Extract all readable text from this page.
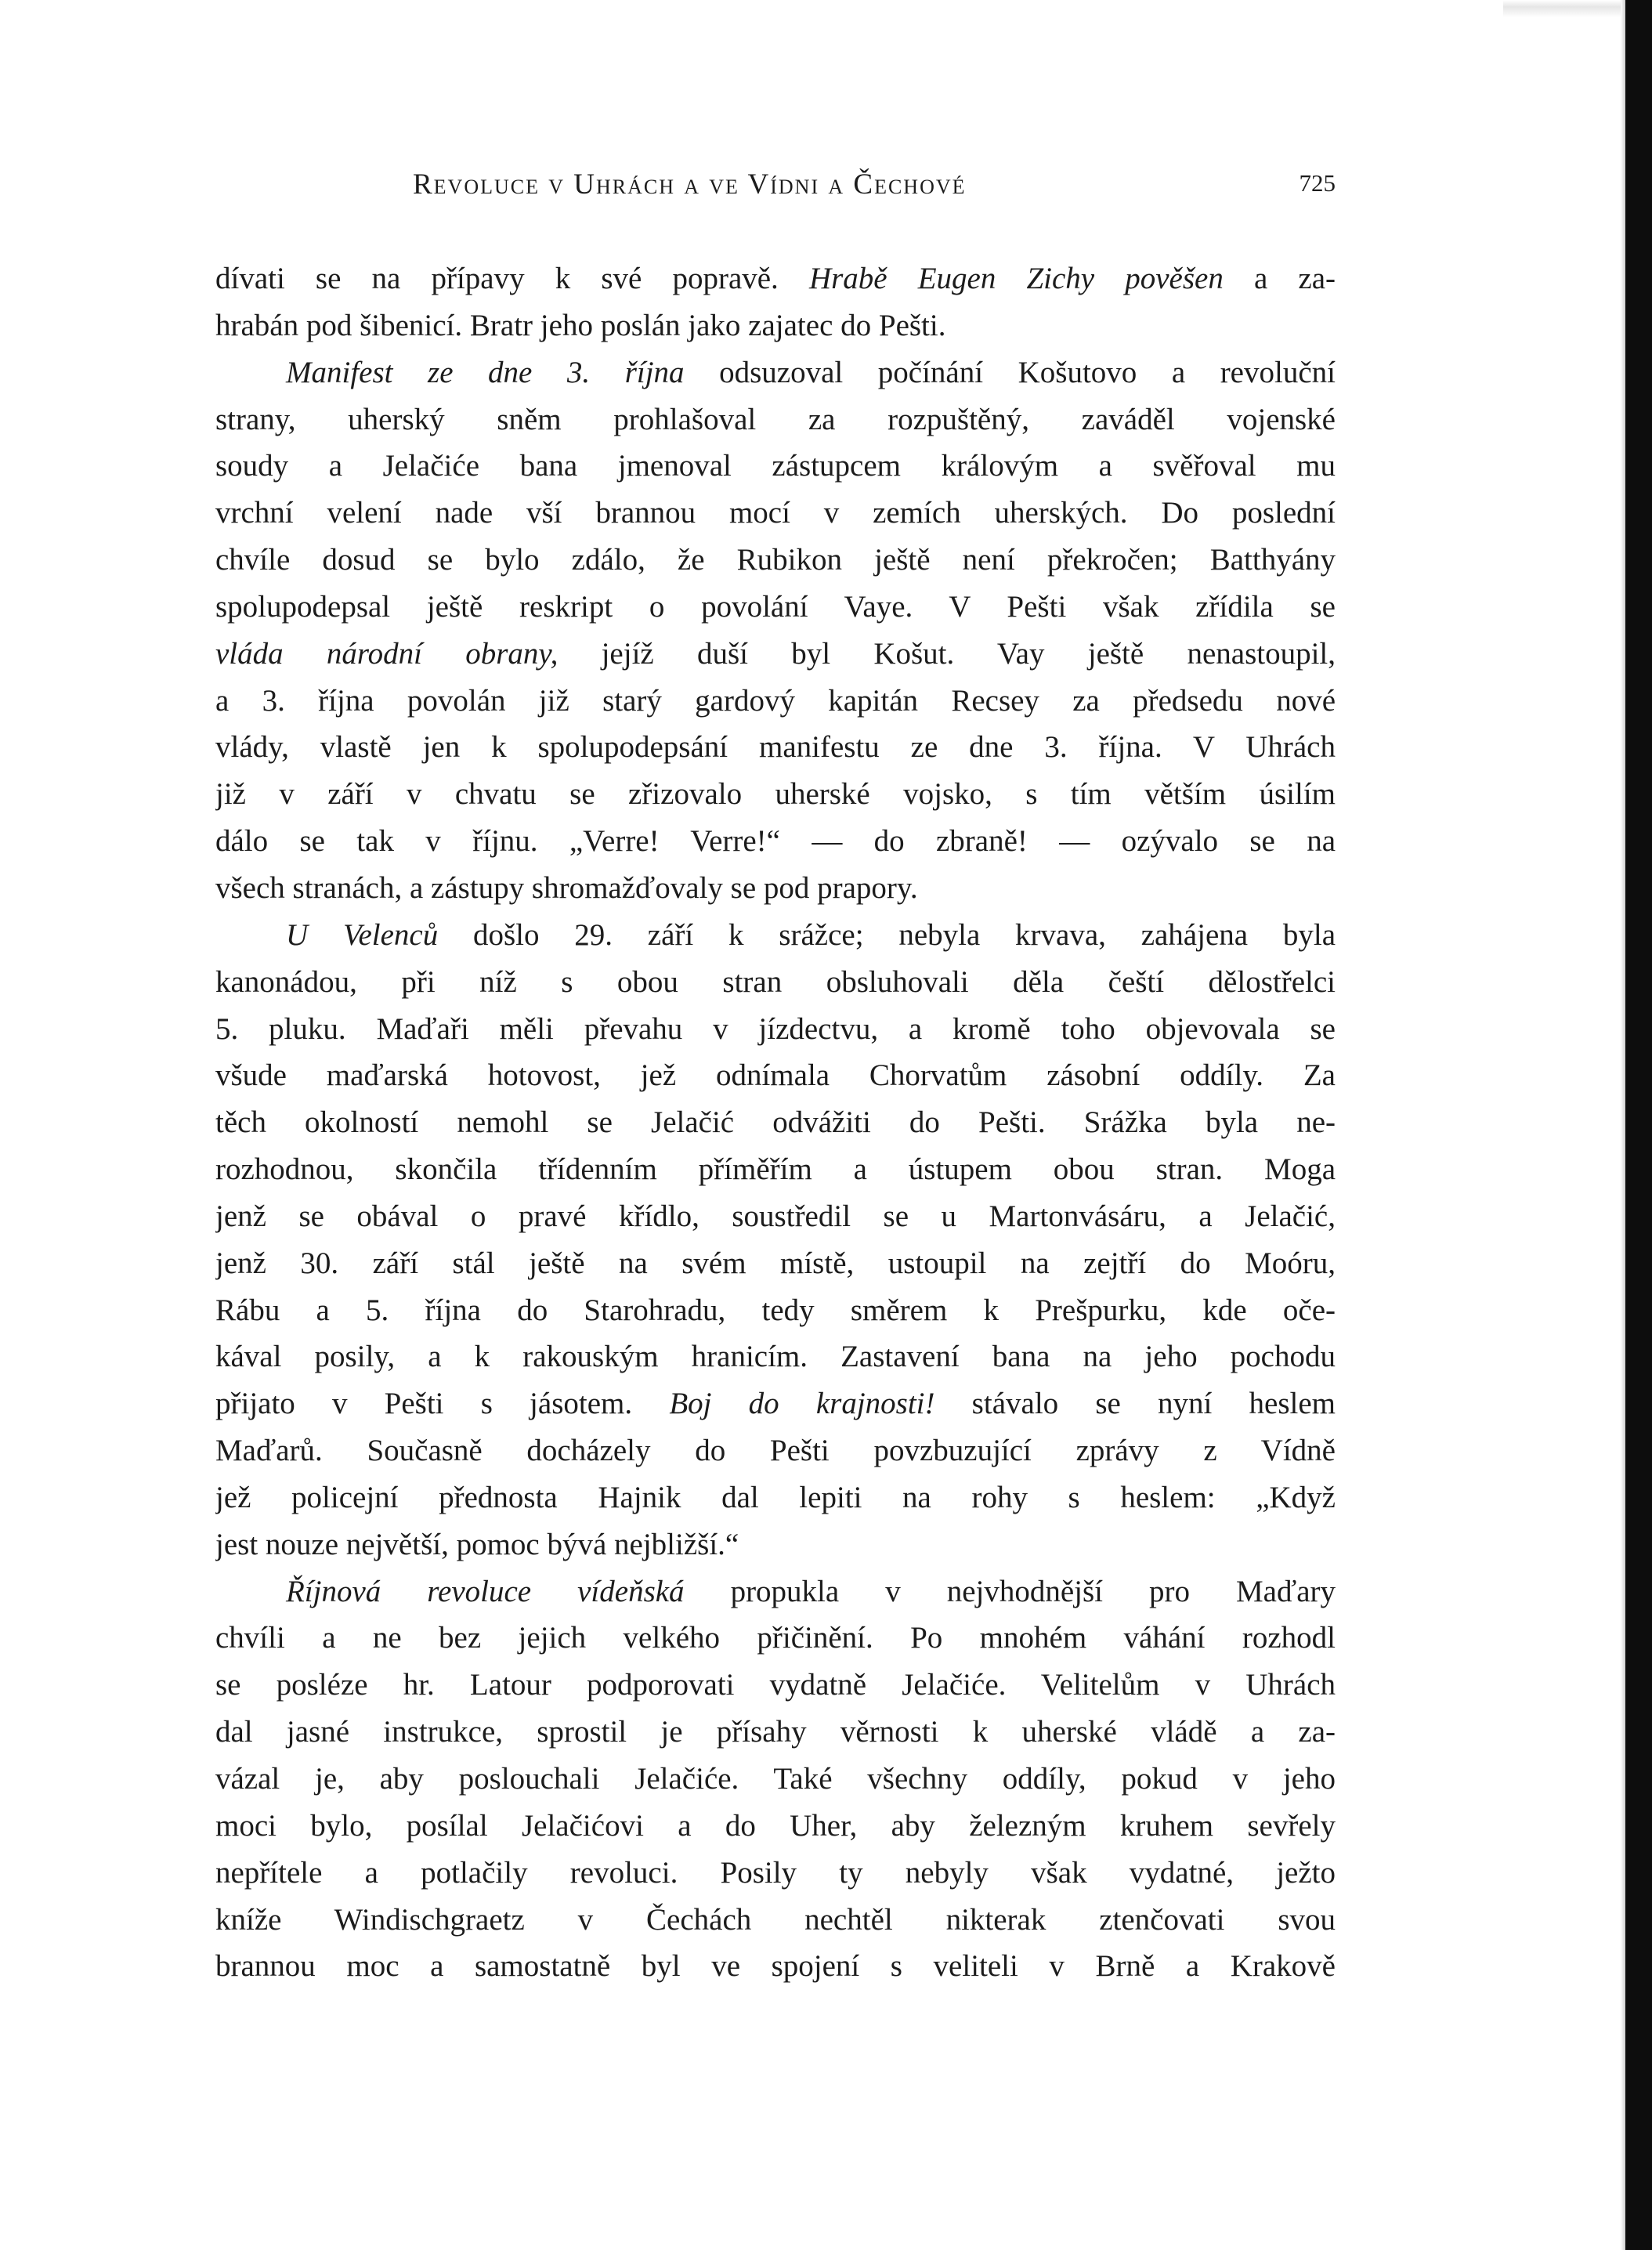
Revoluce v Uhrách a ve Vídni a Čechové	725
dívati se na přípavy k své popravě. Hrabě Eugen Zichy pověšen a za-
hrabán pod šibenicí. Bratr jeho poslán jako zajatec do Pešti.
Manifest ze dne 3. října odsuzoval počínání Košutovo a revoluční
strany, uherský sněm prohlašoval za rozpuštěný, zaváděl vojenské
soudy a Jelačiće bana jmenoval zástupcem královým a svěřoval mu
vrchní velení nade vší brannou mocí v zemích uherských. Do poslední
chvíle dosud se bylo zdálo, že Rubikon ještě není překročen; Batthyány
spolupodepsal ještě reskript o povolání Vaye. V Pešti však zřídila se
vláda národní obrany, jejíž duší byl Košut. Vay ještě nenastoupil,
a 3. října povolán již starý gardový kapitán Recsey za předsedu nové
vlády, vlastě jen k spolupodepsání manifestu ze dne 3. října. V Uhrách
již v září v chvatu se zřizovalo uherské vojsko, s tím větším úsilím
dálo se tak v říjnu. „Verre! Verre!“ — do zbraně! — ozývalo se na
všech stranách, a zástupy shromažďovaly se pod prapory.
U Velenců došlo 29. září k srážce; nebyla krvava, zahájena byla
kanonádou, při níž s obou stran obsluhovali děla čeští dělostřelci
5. pluku. Maďaři měli převahu v jízdectvu, a kromě toho objevovala se
všude maďarská hotovost, jež odnímala Chorvatům zásobní oddíly. Za
těch okolností nemohl se Jelačić odvážiti do Pešti. Srážka byla ne-
rozhodnou, skončila třídenním příměřím a ústupem obou stran. Moga
jenž se obával o pravé křídlo, soustředil se u Martonvásáru, a Jelačić,
jenž 30. září stál ještě na svém místě, ustoupil na zejtří do Moóru,
Rábu a 5. října do Starohradu, tedy směrem k Prešpurku, kde oče-
kával posily, a k rakouským hranicím. Zastavení bana na jeho pochodu
přijato v Pešti s jásotem. Boj do krajnosti! stávalo se nyní heslem
Maďarů. Současně docházely do Pešti povzbuzující zprávy z Vídně
jež policejní přednosta Hajnik dal lepiti na rohy s heslem: „Když
jest nouze největší, pomoc bývá nejbližší.“
Říjnová revoluce vídeňská propukla v nejvhodnější pro Maďary
chvíli a ne bez jejich velkého přičinění. Po mnohém váhání rozhodl
se posléze hr. Latour podporovati vydatně Jelačiće. Velitelům v Uhrách
dal jasné instrukce, sprostil je přísahy věrnosti k uherské vládě a za-
vázal je, aby poslouchali Jelačiće. Také všechny oddíly, pokud v jeho
moci bylo, posílal Jelačićovi a do Uher, aby železným kruhem sevřely
nepřítele a potlačily revoluci. Posily ty nebyly však vydatné, ježto
kníže Windischgraetz v Čechách nechtěl nikterak ztenčovati svou
brannou moc a samostatně byl ve spojení s veliteli v Brně a Krakově
